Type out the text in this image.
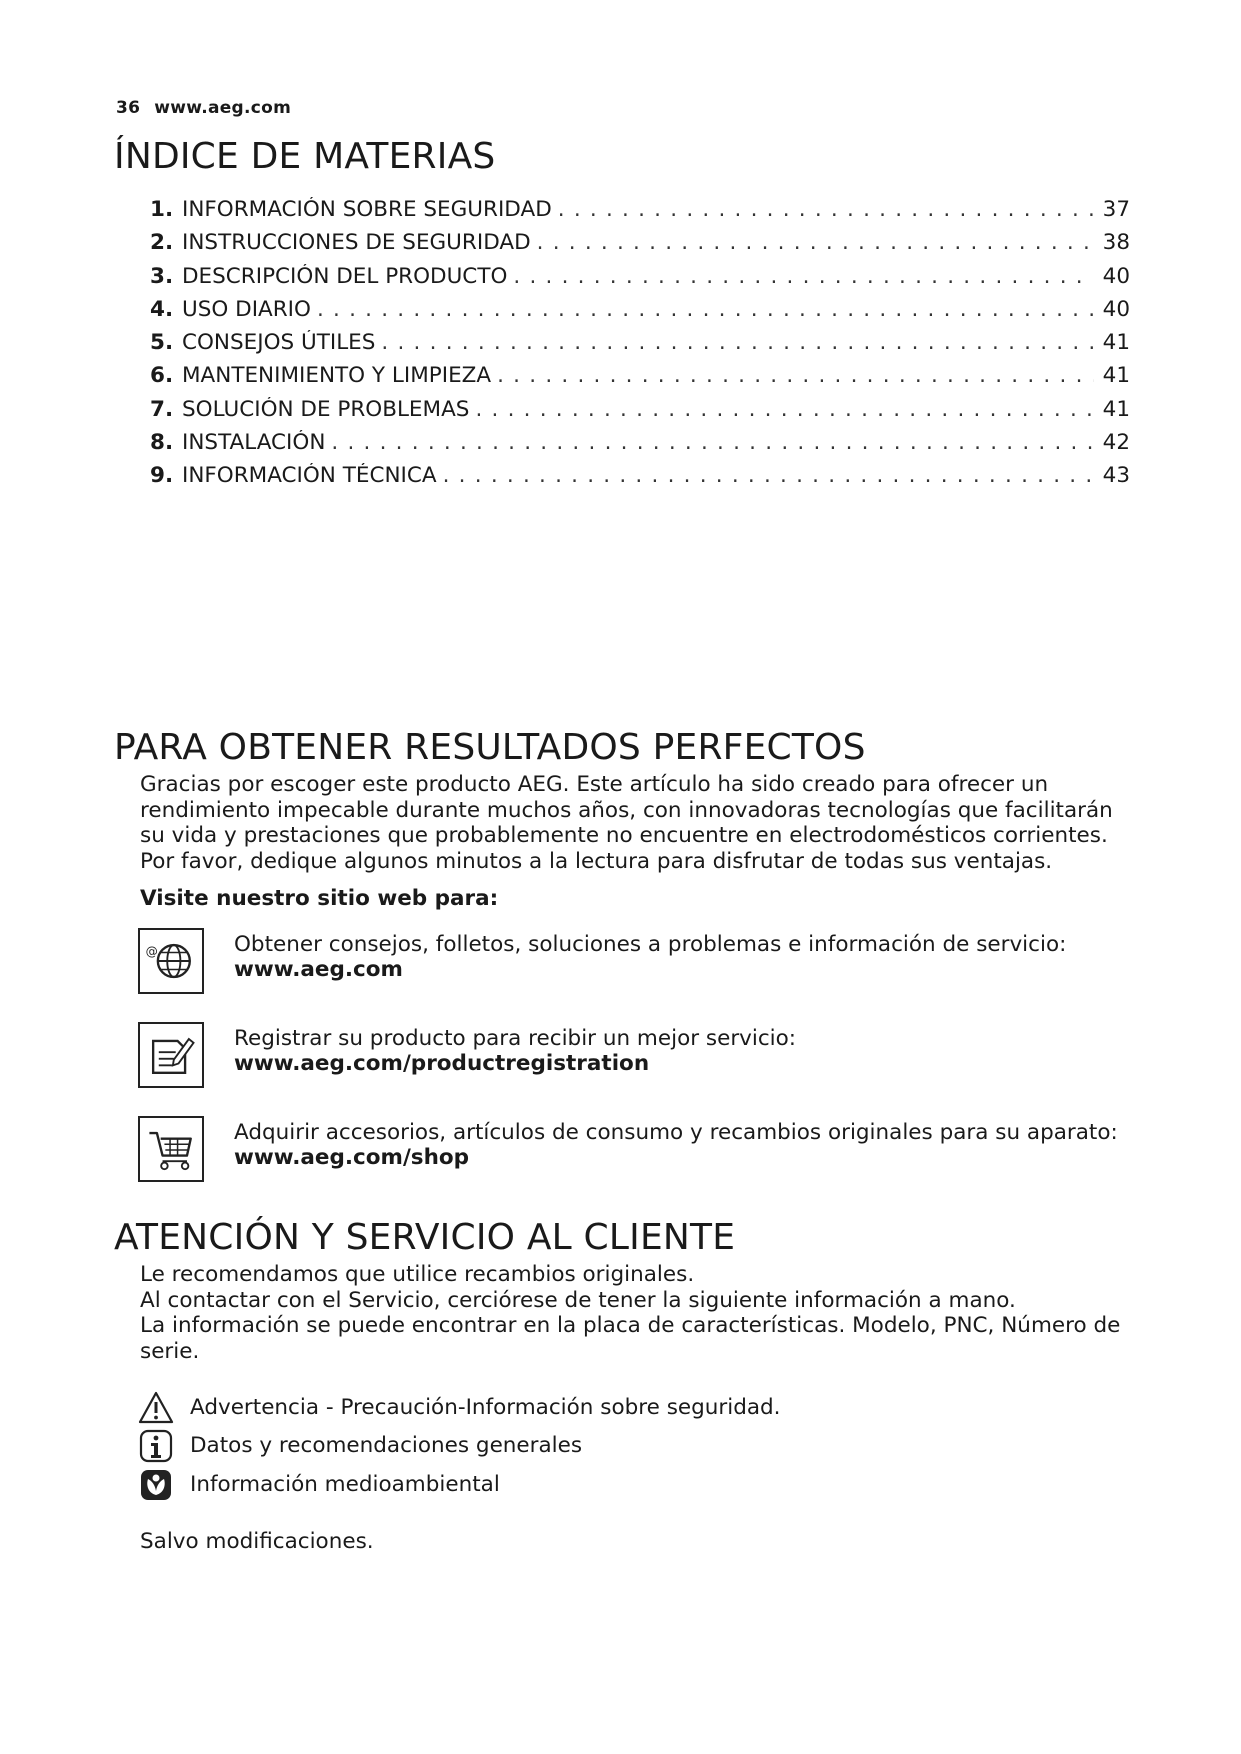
36 www.aeg.com
ÍNDICE DE MATERIAS
1. INFORMACIÓN SOBRE SEGURIDAD . . .	37
2. INSTRUCCIONES DE SEGURIDAD . . .	38
3. DESCRIPCIÓN DEL PRODUCTO . . .	40
4. USO DIARIO . . .	40
5. CONSEJOS ÚTILES . . .	41
6. MANTENIMIENTO Y LIMPIEZA . . .	41
7. SOLUCIÓN DE PROBLEMAS . . .	41
8. INSTALACIÓN . . .	42
9. INFORMACIÓN TÉCNICA . . .	43
PARA OBTENER RESULTADOS PERFECTOS
Gracias por escoger este producto AEG. Este artículo ha sido creado para ofrecer un rendimiento impecable durante muchos años, con innovadoras tecnologías que facilitarán su vida y prestaciones que probablemente no encuentre en electrodomésticos corrientes. Por favor, dedique algunos minutos a la lectura para disfrutar de todas sus ventajas.
Visite nuestro sitio web para:
@	Obtener consejos, folletos, soluciones a problemas e información de servicio:
www.aeg.com
Registrar su producto para recibir un mejor servicio:
www.aeg.com/productregistration
Adquirir accesorios, artículos de consumo y recambios originales para su aparato:
www.aeg.com/shop
ATENCIÓN Y SERVICIO AL CLIENTE
Le recomendamos que utilice recambios originales.
Al contactar con el Servicio, cerciórese de tener la siguiente información a mano.
La información se puede encontrar en la placa de características. Modelo, PNC, Número de serie.
Advertencia - Precaución-Información sobre seguridad.
Datos y recomendaciones generales
Información medioambiental
Salvo modificaciones.
